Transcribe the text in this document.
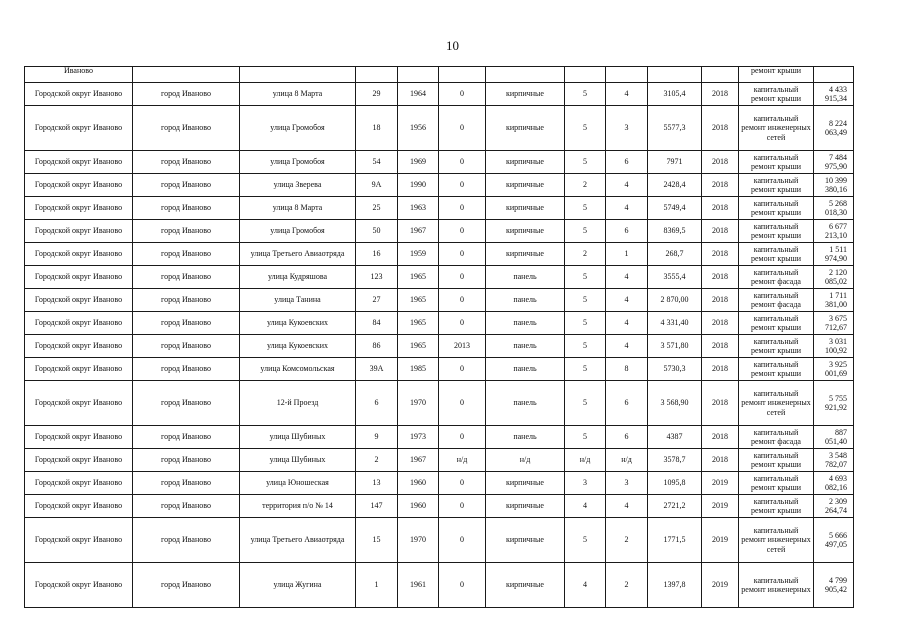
10
Иваново											ремонт крыши	

Городской округ Иваново	город Иваново	улица 8 Марта	29	1964	0	кирпичные	5	4	3105,4	2018	капитальный ремонт крыши	4 433 915,34
Городской округ Иваново	город Иваново	улица Громобоя	18	1956	0	кирпичные	5	3	5577,3	2018	капитальный ремонт инженерных сетей	8 224 063,49
Городской округ Иваново	город Иваново	улица Громобоя	54	1969	0	кирпичные	5	6	7971	2018	капитальный ремонт крыши	7 484 975,90
Городской округ Иваново	город Иваново	улица Зверева	9А	1990	0	кирпичные	2	4	2428,4	2018	капитальный ремонт крыши	10 399 380,16
Городской округ Иваново	город Иваново	улица 8 Марта	25	1963	0	кирпичные	5	4	5749,4	2018	капитальный ремонт крыши	5 268 018,30
Городской округ Иваново	город Иваново	улица Громобоя	50	1967	0	кирпичные	5	6	8369,5	2018	капитальный ремонт крыши	6 677 213,10
Городской округ Иваново	город Иваново	улица Третьего Авиаотряда	16	1959	0	кирпичные	2	1	268,7	2018	капитальный ремонт крыши	1 511 974,90
Городской округ Иваново	город Иваново	улица Кудряшова	123	1965	0	панель	5	4	3555,4	2018	капитальный ремонт фасада	2 120 085,02
Городской округ Иваново	город Иваново	улица Танина	27	1965	0	панель	5	4	2 870,00	2018	капитальный ремонт фасада	1 711 381,00
Городской округ Иваново	город Иваново	улица Кукоевских	84	1965	0	панель	5	4	4 331,40	2018	капитальный ремонт крыши	3 675 712,67
Городской округ Иваново	город Иваново	улица Кукоевских	86	1965	2013	панель	5	4	3 571,80	2018	капитальный ремонт крыши	3 031 100,92
Городской округ Иваново	город Иваново	улица Комсомольская	39А	1985	0	панель	5	8	5730,3	2018	капитальный ремонт крыши	3 925 001,69
Городской округ Иваново	город Иваново	12-й Проезд	6	1970	0	панель	5	6	3 568,90	2018	капитальный ремонт инженерных сетей	5 755 921,92
Городской округ Иваново	город Иваново	улица Шубиных	9	1973	0	панель	5	6	4387	2018	капитальный ремонт фасада	887 051,40
Городской округ Иваново	город Иваново	улица Шубиных	2	1967	н/д	н/д	н/д	н/д	3578,7	2018	капитальный ремонт крыши	3 548 782,07
Городской округ Иваново	город Иваново	улица Юношеская	13	1960	0	кирпичные	3	3	1095,8	2019	капитальный ремонт крыши	4 693 082,16
Городской округ Иваново	город Иваново	территория п/о № 14	147	1960	0	кирпичные	4	4	2721,2	2019	капитальный ремонт крыши	2 309 264,74
Городской округ Иваново	город Иваново	улица Третьего Авиаотряда	15	1970	0	кирпичные	5	2	1771,5	2019	капитальный ремонт инженерных сетей	5 666 497,05
Городской округ Иваново	город Иваново	улица Жугина	1	1961	0	кирпичные	4	2	1397,8	2019	капитальный ремонт инженерных	4 799 905,42
